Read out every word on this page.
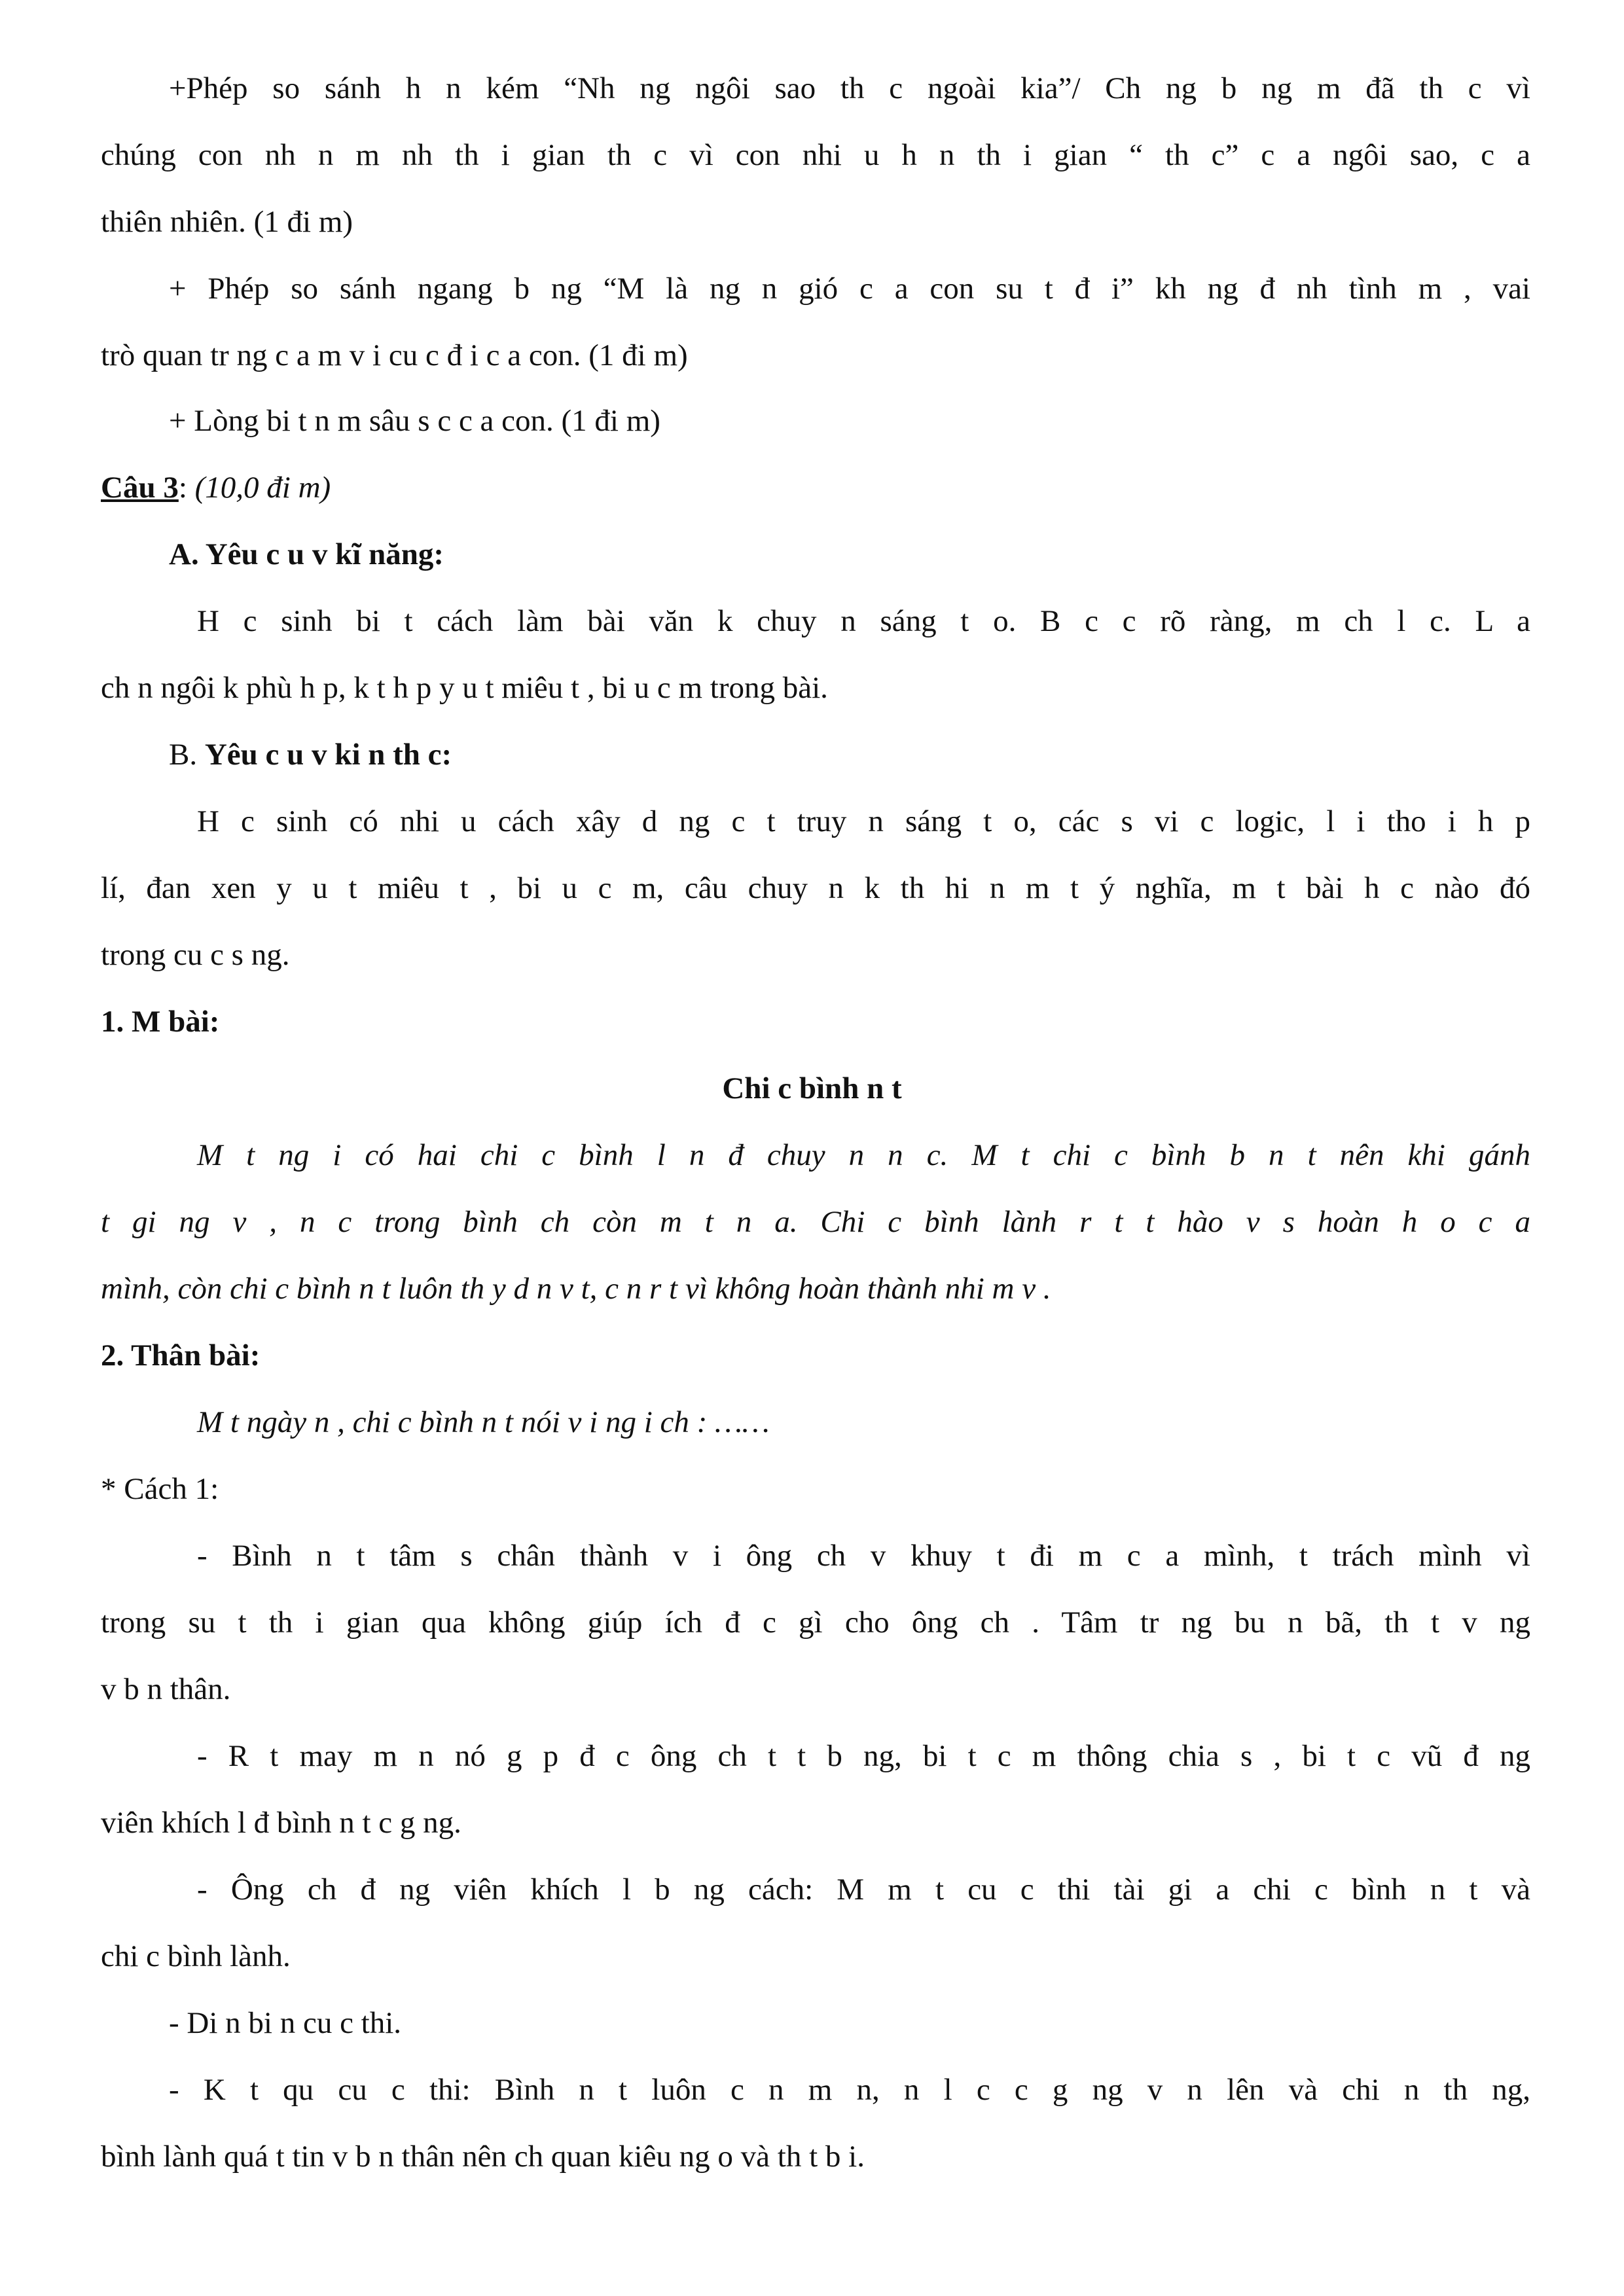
+Phép so sánh h n kém “Nh ng ngôi sao th c ngoài kia”/ Ch ng b ng m đã th c vì
chúng con nh n m nh th i gian th c vì con nhi u h n th i gian “ th c” c a ngôi sao, c a
thiên nhiên. (1 đi m)
+ Phép so sánh ngang b ng “M là ng n gió c a con su t đ i” kh ng đ nh tình m , vai
trò quan tr ng c a m v i cu c đ i c a con. (1 đi m)
+ Lòng bi t n m sâu s c c a con. (1 đi m)
Câu 3: (10,0 đi m)
A. Yêu c u v kĩ năng:
H c sinh bi t cách làm bài văn k chuy n sáng t o. B c c rõ ràng, m ch l c. L a
ch n ngôi k phù h p, k t h p y u t miêu t , bi u c m trong bài.
B. Yêu c u v ki n th c:
H c sinh có nhi u cách xây d ng c t truy n sáng t o, các s vi c logic, l i tho i h p
lí, đan xen y u t miêu t , bi u c m, câu chuy n k th hi n m t ý nghĩa, m t bài h c nào đó
trong cu c s ng.
1. M bài:
Chi c bình n t
M t ng i có hai chi c bình l n đ chuy n n c. M t chi c bình b n t nên khi gánh
t gi ng v , n c trong bình ch còn m t n a. Chi c bình lành r t t hào v s hoàn h o c a
mình, còn chi c bình n t luôn th y d n v t, c n r t vì không hoàn thành nhi m v .
2. Thân bài:
M t ngày n , chi c bình n t nói v i ng i ch : ……
* Cách 1:
- Bình n t tâm s chân thành v i ông ch v khuy t đi m c a mình, t trách mình vì
trong su t th i gian qua không giúp ích đ c gì cho ông ch . Tâm tr ng bu n bã, th t v ng
v b n thân.
- R t may m n nó g p đ c ông ch t t b ng, bi t c m thông chia s , bi t c vũ đ ng
viên khích l đ bình n t c g ng.
- Ông ch đ ng viên khích l b ng cách: M m t cu c thi tài gi a chi c bình n t và
chi c bình lành.
- Di n bi n cu c thi.
- K t qu cu c thi: Bình n t luôn c n m n, n l c c g ng v n lên và chi n th ng,
bình lành quá t tin v b n thân nên ch quan kiêu ng o và th t b i.
